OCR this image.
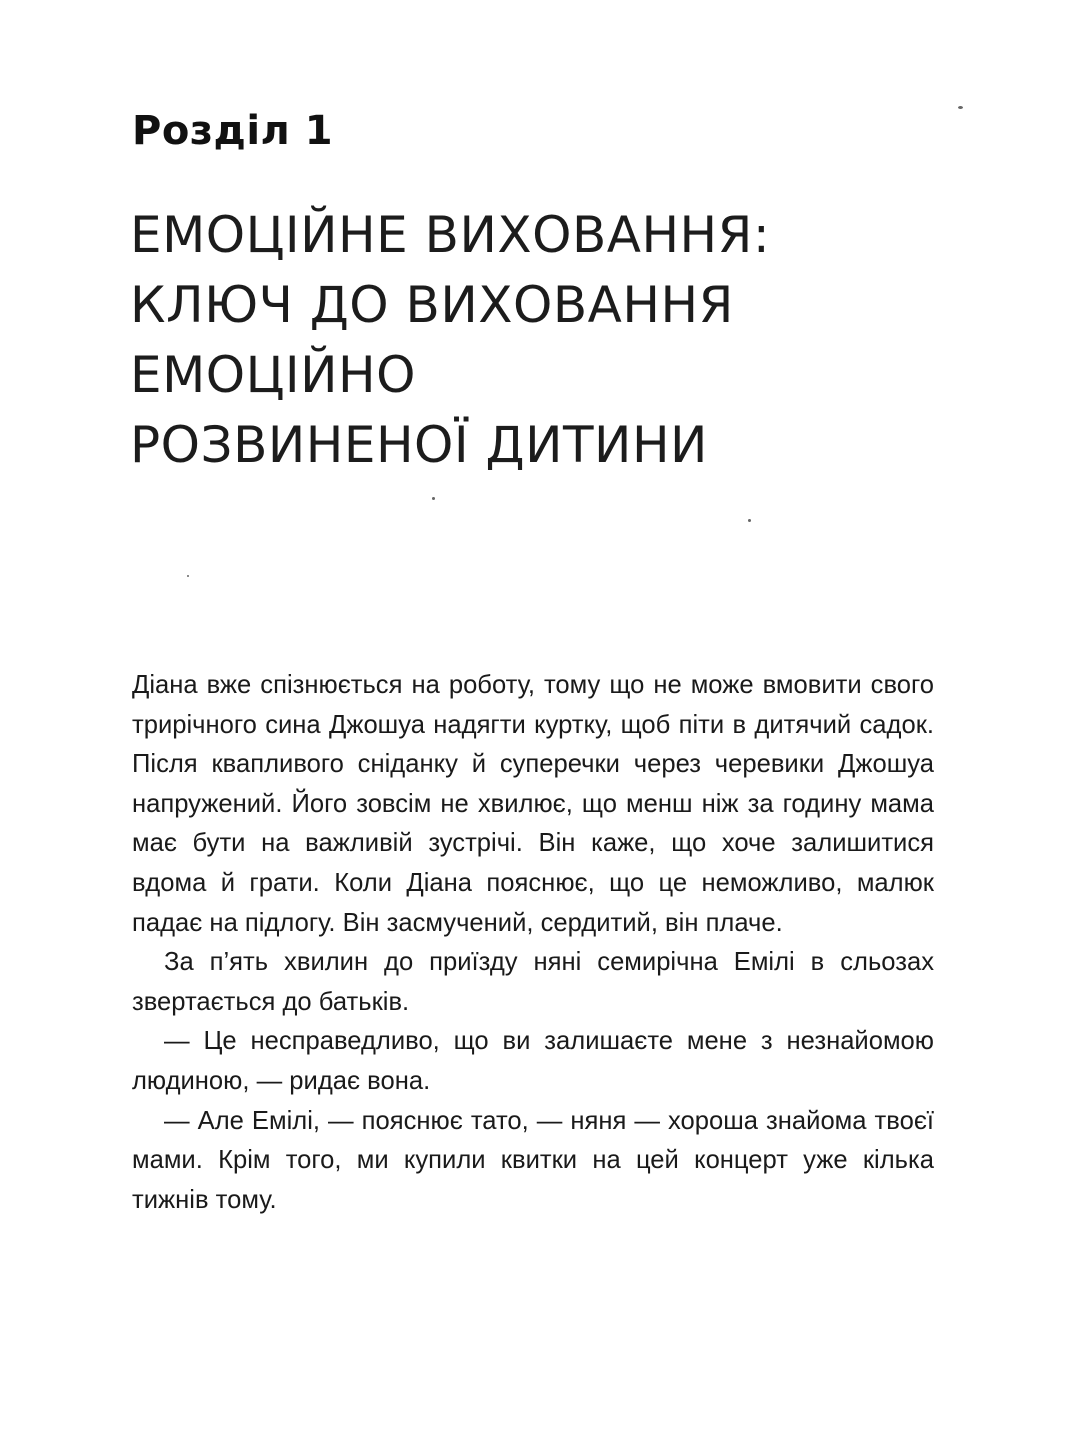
Розділ 1
ЕМОЦІЙНЕ ВИХОВАННЯ:
КЛЮЧ ДО ВИХОВАННЯ
ЕМОЦІЙНО
РОЗВИНЕНОЇ ДИТИНИ

Діана вже спізнюється на роботу, тому що не може вмовити свого трирічного сина Джошуа надягти куртку, щоб піти в дитячий садок. Після квапливого сніданку й суперечки через черевики Джошуа напружений. Його зовсім не хвилює, що менш ніж за годину мама має бути на важливій зустрічі. Він каже, що хоче залишитися вдома й грати. Коли Діана пояснює, що це неможливо, малюк падає на підлогу. Він засмучений, сердитий, він плаче.

За п’ять хвилин до приїзду няні семирічна Емілі в сльозах звертається до батьків.

— Це несправедливо, що ви залишаєте мене з незнайомою людиною, — ридає вона.

— Але Емілі, — пояснює тато, — няня — хороша знайома твоєї мами. Крім того, ми купили квитки на цей концерт уже кілька тижнів тому.
